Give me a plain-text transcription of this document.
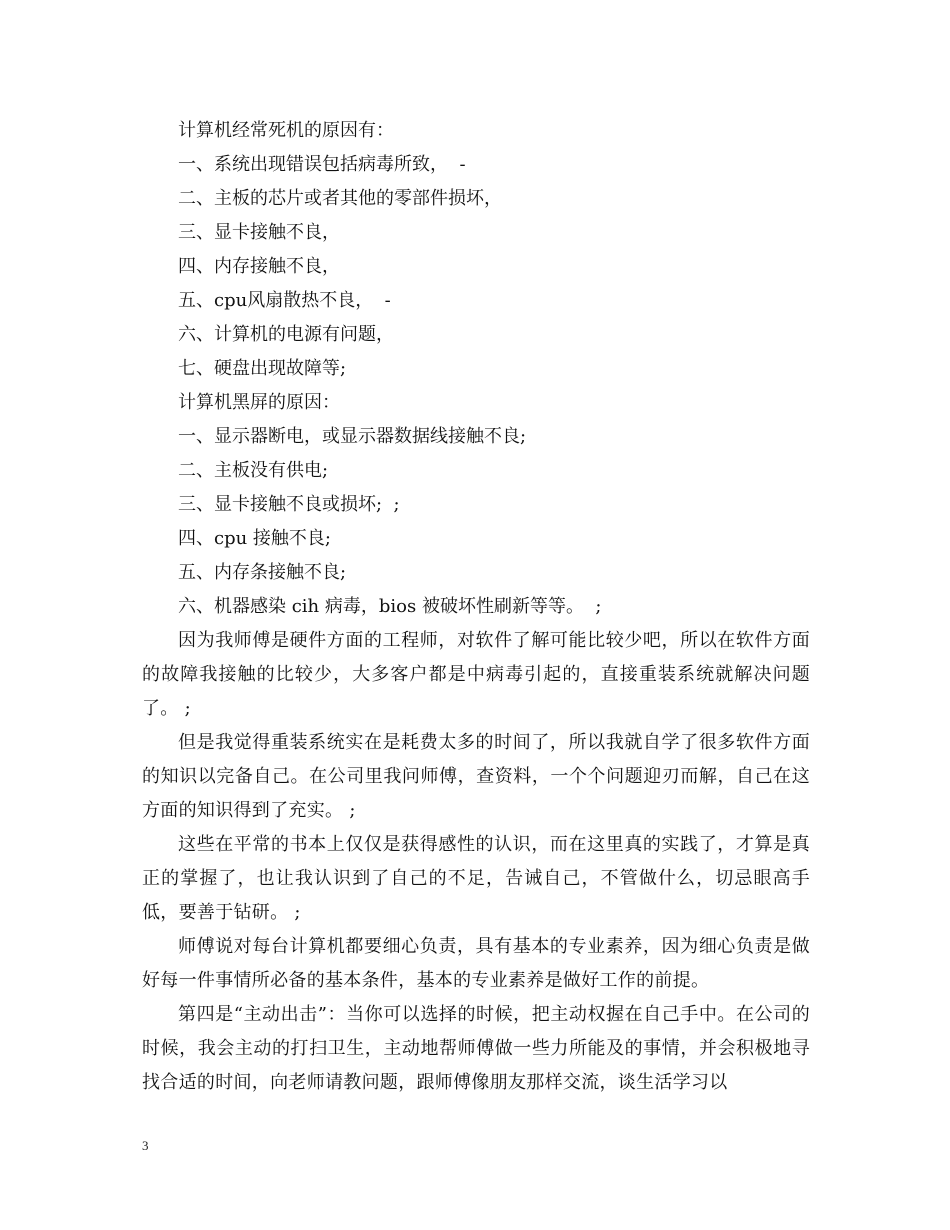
计算机经常死机的原因有：
一、系统出现错误包括病毒所致，  -
二、主板的芯片或者其他的零部件损坏，
三、显卡接触不良，
四、内存接触不良，
五、cpu风扇散热不良，  -
六、计算机的电源有问题，
七、硬盘出现故障等;
计算机黑屏的原因：
一、显示器断电，或显示器数据线接触不良;
二、主板没有供电;
三、显卡接触不良或损坏;  ;
四、cpu 接触不良;
五、内存条接触不良;
六、机器感染 cih 病毒，bios 被破坏性刷新等等。  ;

因为我师傅是硬件方面的工程师，对软件了解可能比较少吧，所以在软件方面的故障我接触的比较少，大多客户都是中病毒引起的，直接重装系统就解决问题了。 ;

但是我觉得重装系统实在是耗费太多的时间了，所以我就自学了很多软件方面的知识以完备自己。在公司里我问师傅，查资料，一个个问题迎刃而解，自己在这方面的知识得到了充实。 ;

这些在平常的书本上仅仅是获得感性的认识，而在这里真的实践了，才算是真正的掌握了，也让我认识到了自己的不足，告诫自己，不管做什么，切忌眼高手低，要善于钻研。 ;

师傅说对每台计算机都要细心负责，具有基本的专业素养，因为细心负责是做好每一件事情所必备的基本条件，基本的专业素养是做好工作的前提。

第四是“主动出击”：当你可以选择的时候，把主动权握在自己手中。在公司的时候，我会主动的打扫卫生，主动地帮师傅做一些力所能及的事情，并会积极地寻找合适的时间，向老师请教问题，跟师傅像朋友那样交流，谈生活学习以

3
